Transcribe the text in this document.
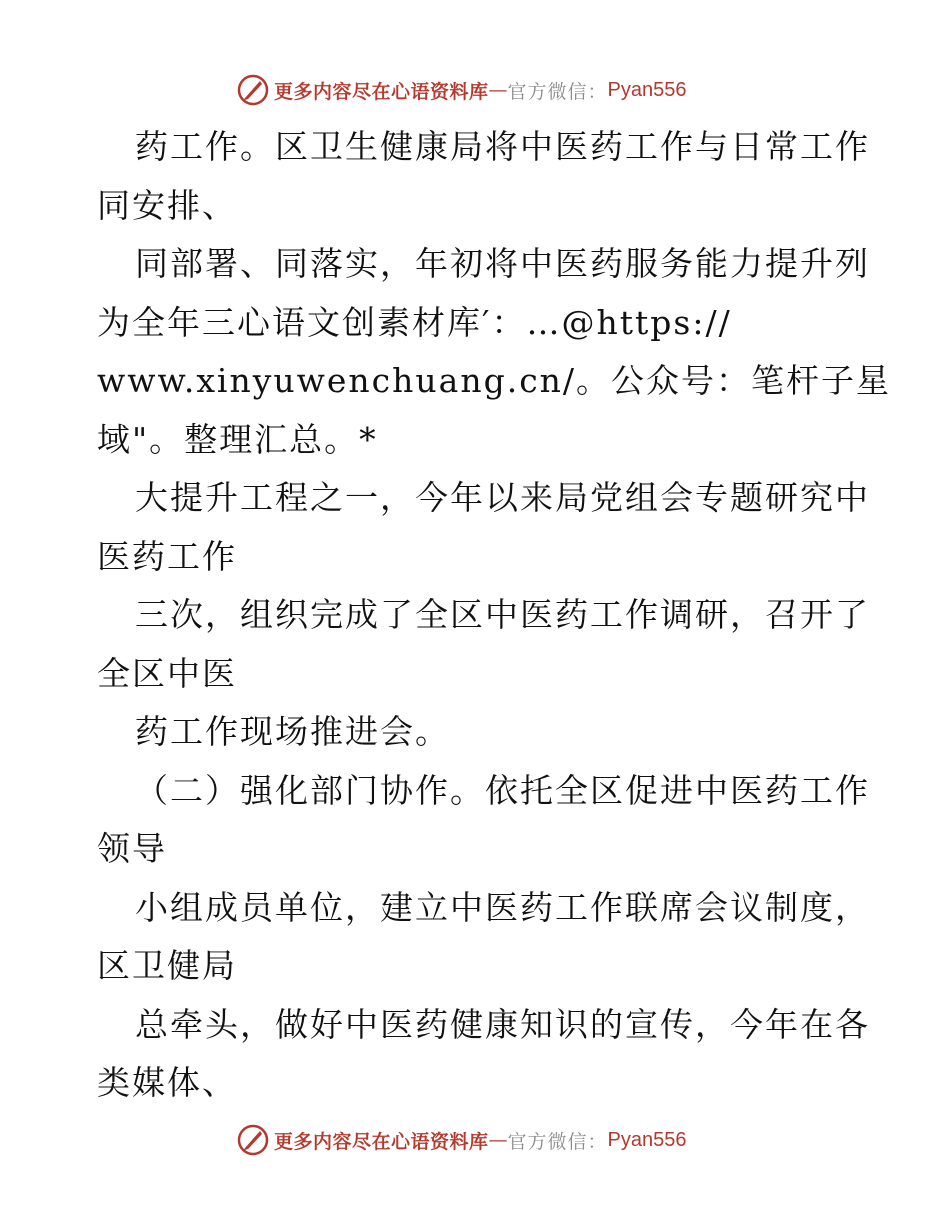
更多内容尽在心语资料库 — 官方微信： Pyan556
药工作。区卫生健康局将中医药工作与日常工作
同安排、
同部署、同落实，年初将中医药服务能力提升列
为全年三心语文创素材库′：…@https://
www.xinyuwenchuang.cn/。公众号：笔杆子星
域"。整理汇总。*
大提升工程之一，今年以来局党组会专题研究中
医药工作
三次，组织完成了全区中医药工作调研，召开了
全区中医
药工作现场推进会。
（二）强化部门协作。依托全区促进中医药工作
领导
小组成员单位，建立中医药工作联席会议制度，
区卫健局
总牵头，做好中医药健康知识的宣传，今年在各
类媒体、
更多内容尽在心语资料库 — 官方微信： Pyan556
